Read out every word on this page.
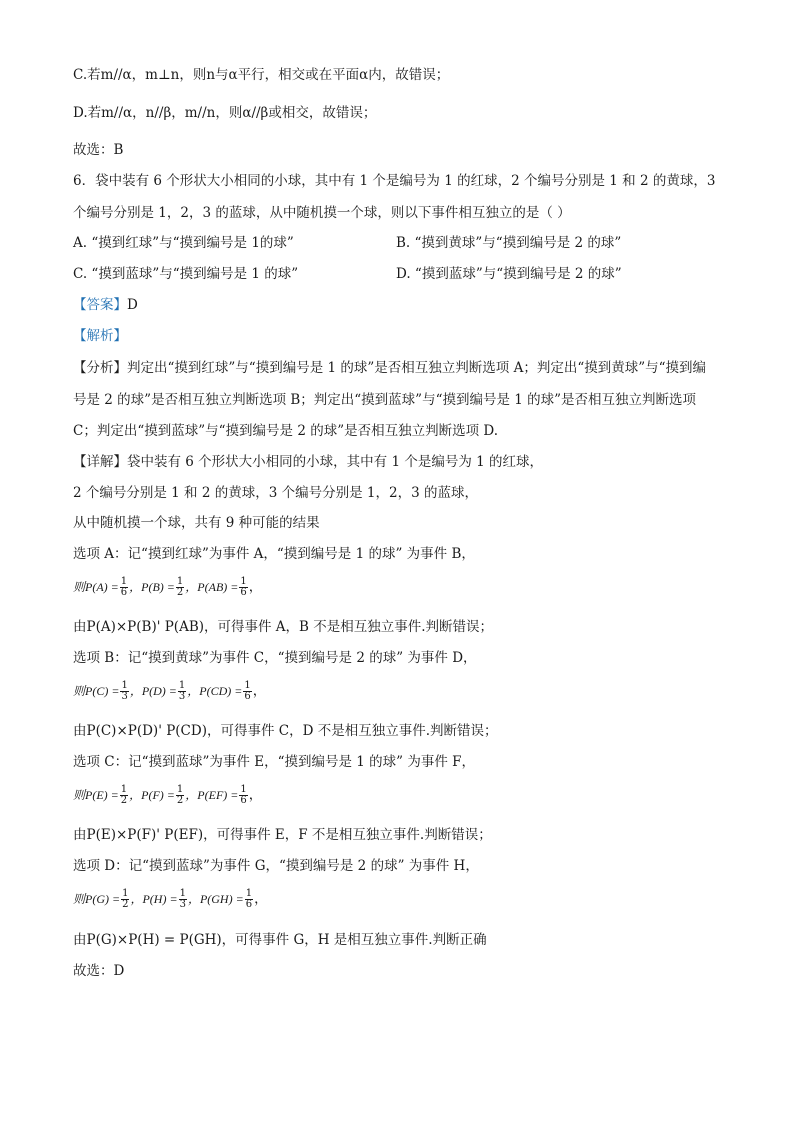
C.若m//α，m⊥n，则n与α平行，相交或在平面α内，故错误；
D.若m//α，n//β，m//n，则α//β或相交，故错误；
故选：B
6．袋中装有 6 个形状大小相同的小球，其中有 1 个是编号为 1 的红球，2 个编号分别是 1 和 2 的黄球，3
个编号分别是 1，2，3 的蓝球，从中随机摸一个球，则以下事件相互独立的是（ ）
A. “摸到红球”与“摸到编号是 1的球”	B. “摸到黄球”与“摸到编号是 2 的球”
C. “摸到蓝球”与“摸到编号是 1 的球”	D. “摸到蓝球”与“摸到编号是 2 的球”
【答案】D
【解析】
【分析】判定出“摸到红球”与“摸到编号是 1 的球”是否相互独立判断选项 A；判定出“摸到黄球”与“摸到编
号是 2 的球”是否相互独立判断选项 B；判定出“摸到蓝球”与“摸到编号是 1 的球”是否相互独立判断选项
C；判定出“摸到蓝球”与“摸到编号是 2 的球”是否相互独立判断选项 D.
【详解】袋中装有 6 个形状大小相同的小球，其中有 1 个是编号为 1 的红球，
2 个编号分别是 1 和 2 的黄球，3 个编号分别是 1，2，3 的蓝球，
从中随机摸一个球，共有 9 种可能的结果
选项 A：记“摸到红球”为事件 A，“摸到编号是 1 的球” 为事件 B，
则$P(A) = \frac{1}{6}$ ，$P(B) = \frac{1}{2}$ ，$P(AB) = \frac{1}{6}$ ，
由P(A)×P(B)' P(AB)，可得事件 A，B 不是相互独立事件.判断错误；
选项 B：记“摸到黄球”为事件 C，“摸到编号是 2 的球” 为事件 D，
则$P(C) = \frac{1}{3}$ ，$P(D) = \frac{1}{3}$ ，$P(CD) = \frac{1}{6}$ ，
由P(C)×P(D)' P(CD)，可得事件 C，D 不是相互独立事件.判断错误；
选项 C：记“摸到蓝球”为事件 E，“摸到编号是 1 的球” 为事件 F，
则$P(E) = \frac{1}{2}$ ，$P(F) = \frac{1}{2}$ ，$P(EF) = \frac{1}{6}$ ，
由P(E)×P(F)' P(EF)，可得事件 E，F 不是相互独立事件.判断错误；
选项 D：记“摸到蓝球”为事件 G，“摸到编号是 2 的球” 为事件 H，
则$P(G) = \frac{1}{2}$ ，$P(H) = \frac{1}{3}$ ，$P(GH) = \frac{1}{6}$ ，
由P(G)×P(H) = P(GH)，可得事件 G，H 是相互独立事件.判断正确
故选：D
